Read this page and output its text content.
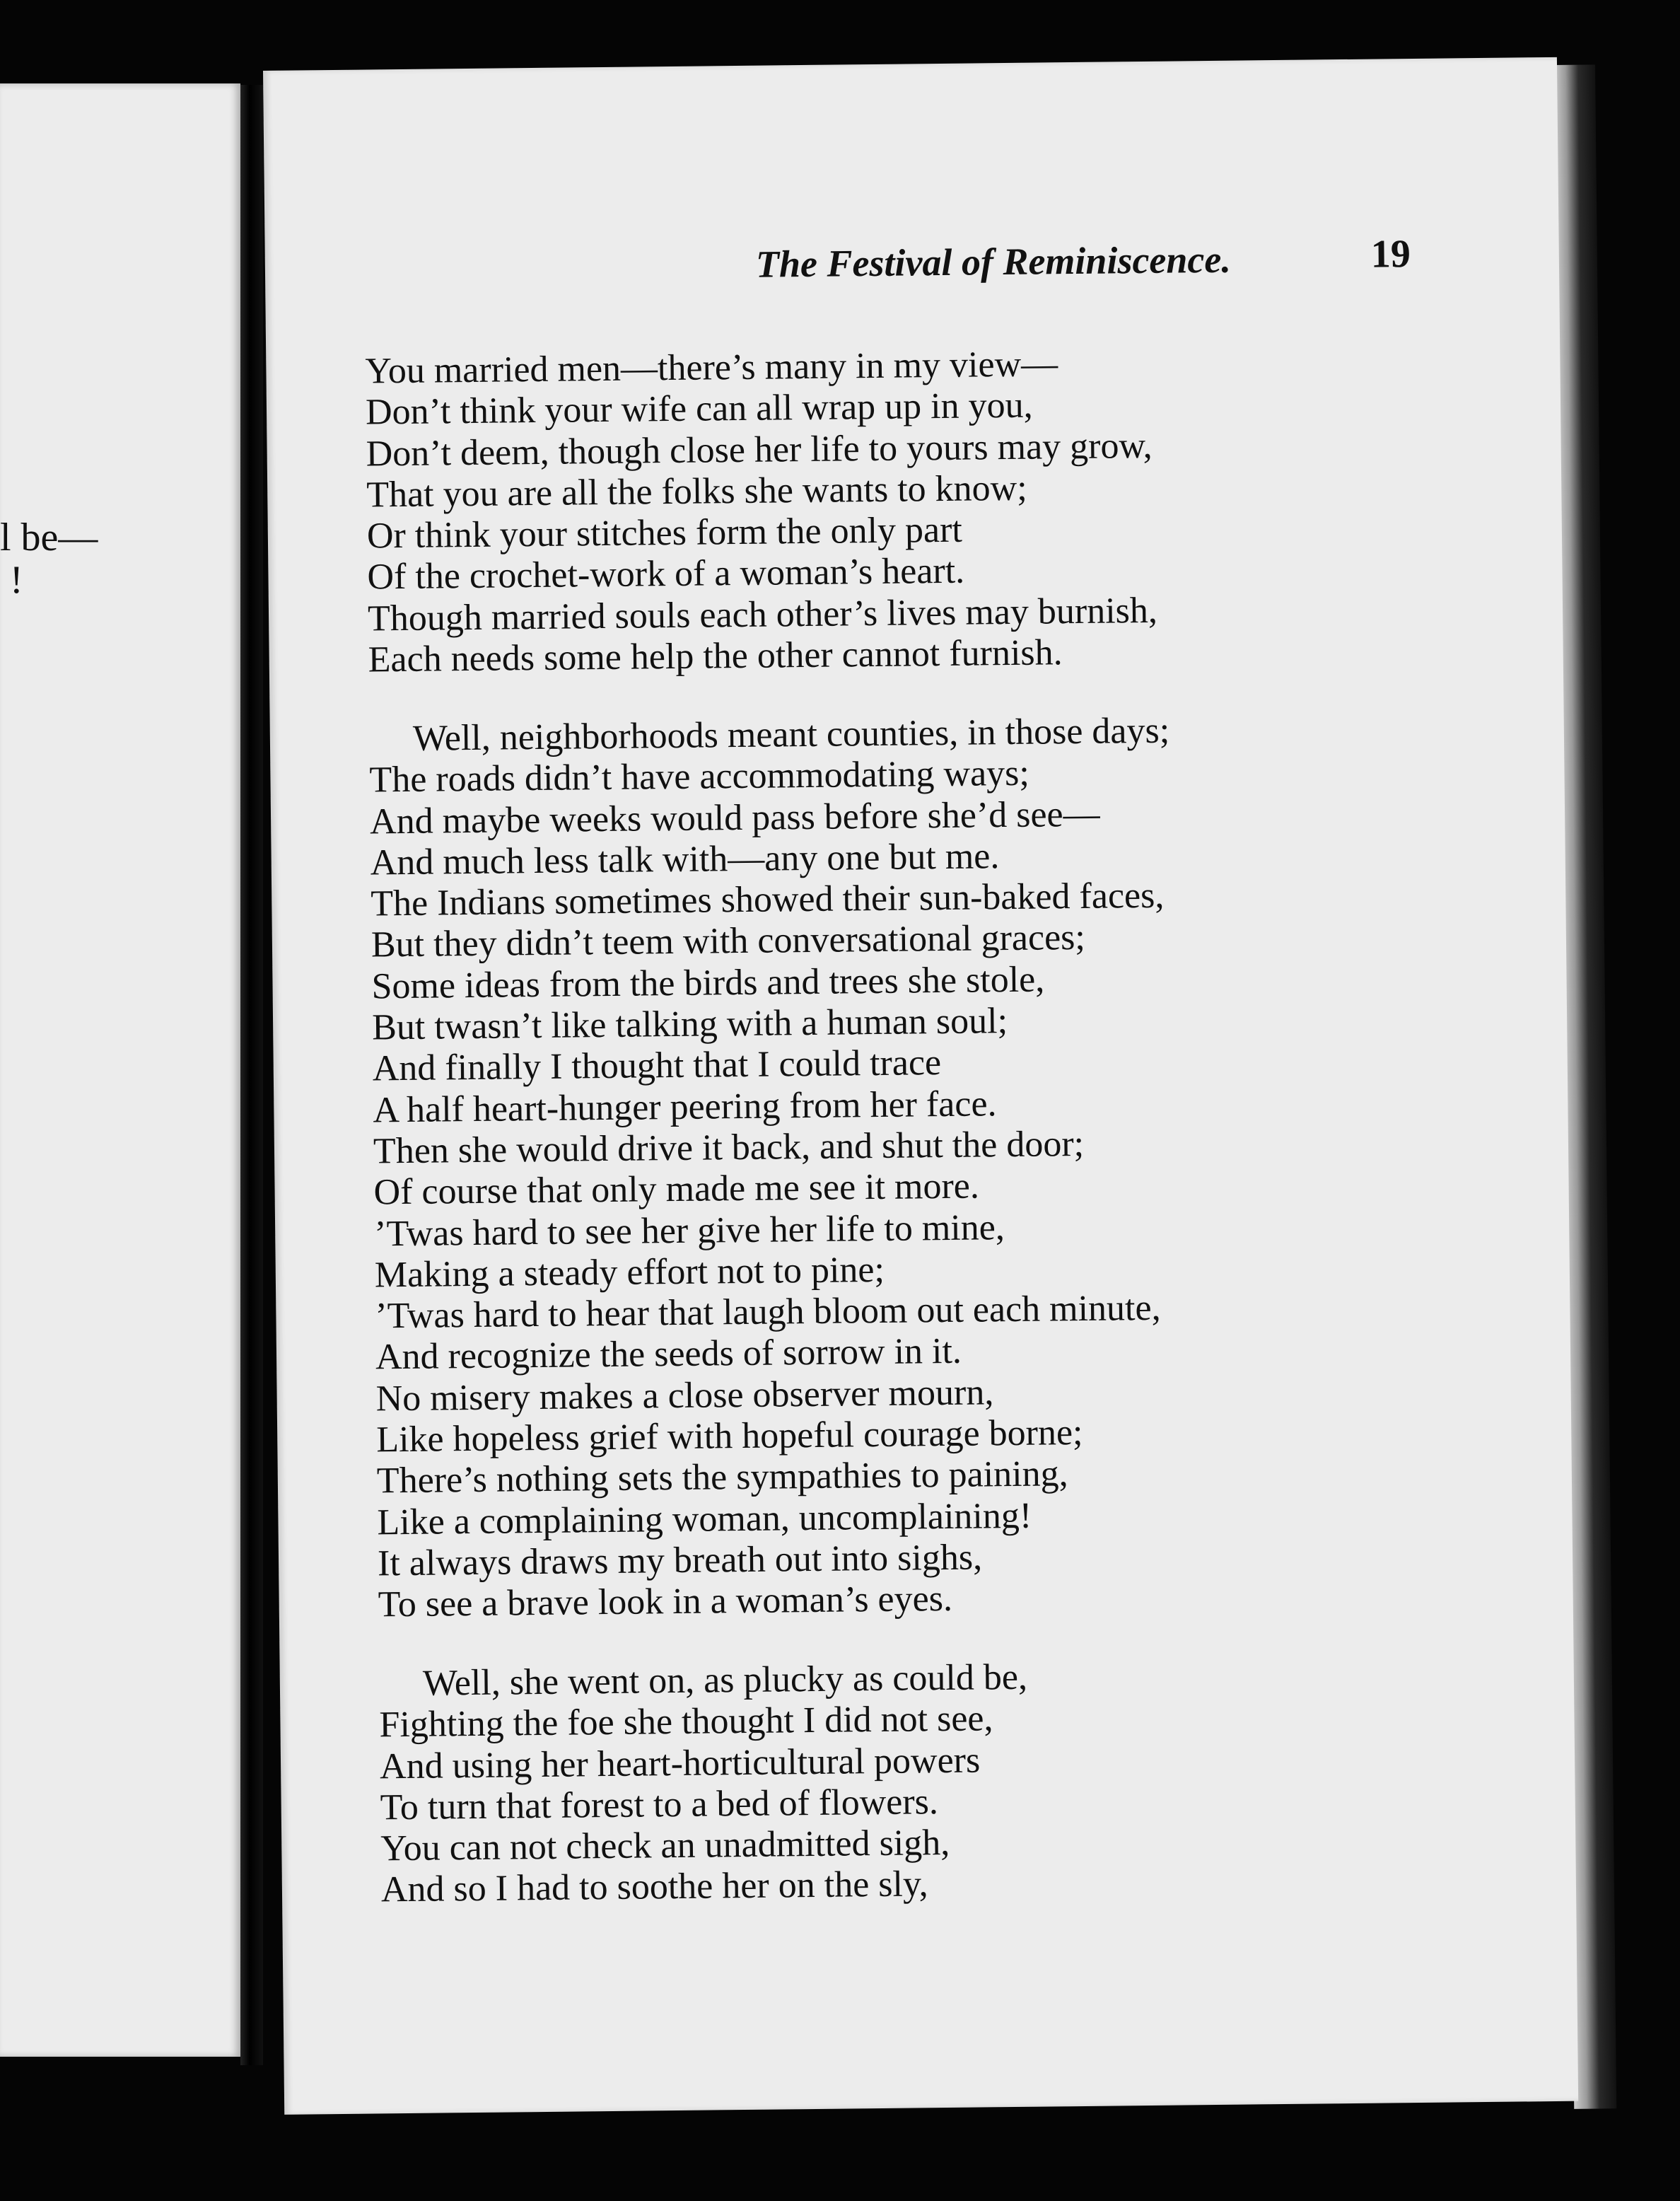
l be—
!
The Festival of Reminiscence.	19
You married men—there’s many in my view—
Don’t think your wife can all wrap up in you,
Don’t deem, though close her life to yours may grow,
That you are all the folks she wants to know;
Or think your stitches form the only part
Of the crochet-work of a woman’s heart.
Though married souls each other’s lives may burnish,
Each needs some help the other cannot furnish.
Well, neighborhoods meant counties, in those days;
The roads didn’t have accommodating ways;
And maybe weeks would pass before she’d see—
And much less talk with—any one but me.
The Indians sometimes showed their sun-baked faces,
But they didn’t teem with conversational graces;
Some ideas from the birds and trees she stole,
But twasn’t like talking with a human soul;
And finally I thought that I could trace
A half heart-hunger peering from her face.
Then she would drive it back, and shut the door;
Of course that only made me see it more.
’Twas hard to see her give her life to mine,
Making a steady effort not to pine;
’Twas hard to hear that laugh bloom out each minute,
And recognize the seeds of sorrow in it.
No misery makes a close observer mourn,
Like hopeless grief with hopeful courage borne;
There’s nothing sets the sympathies to paining,
Like a complaining woman, uncomplaining!
It always draws my breath out into sighs,
To see a brave look in a woman’s eyes.
Well, she went on, as plucky as could be,
Fighting the foe she thought I did not see,
And using her heart-horticultural powers
To turn that forest to a bed of flowers.
You can not check an unadmitted sigh,
And so I had to soothe her on the sly,
